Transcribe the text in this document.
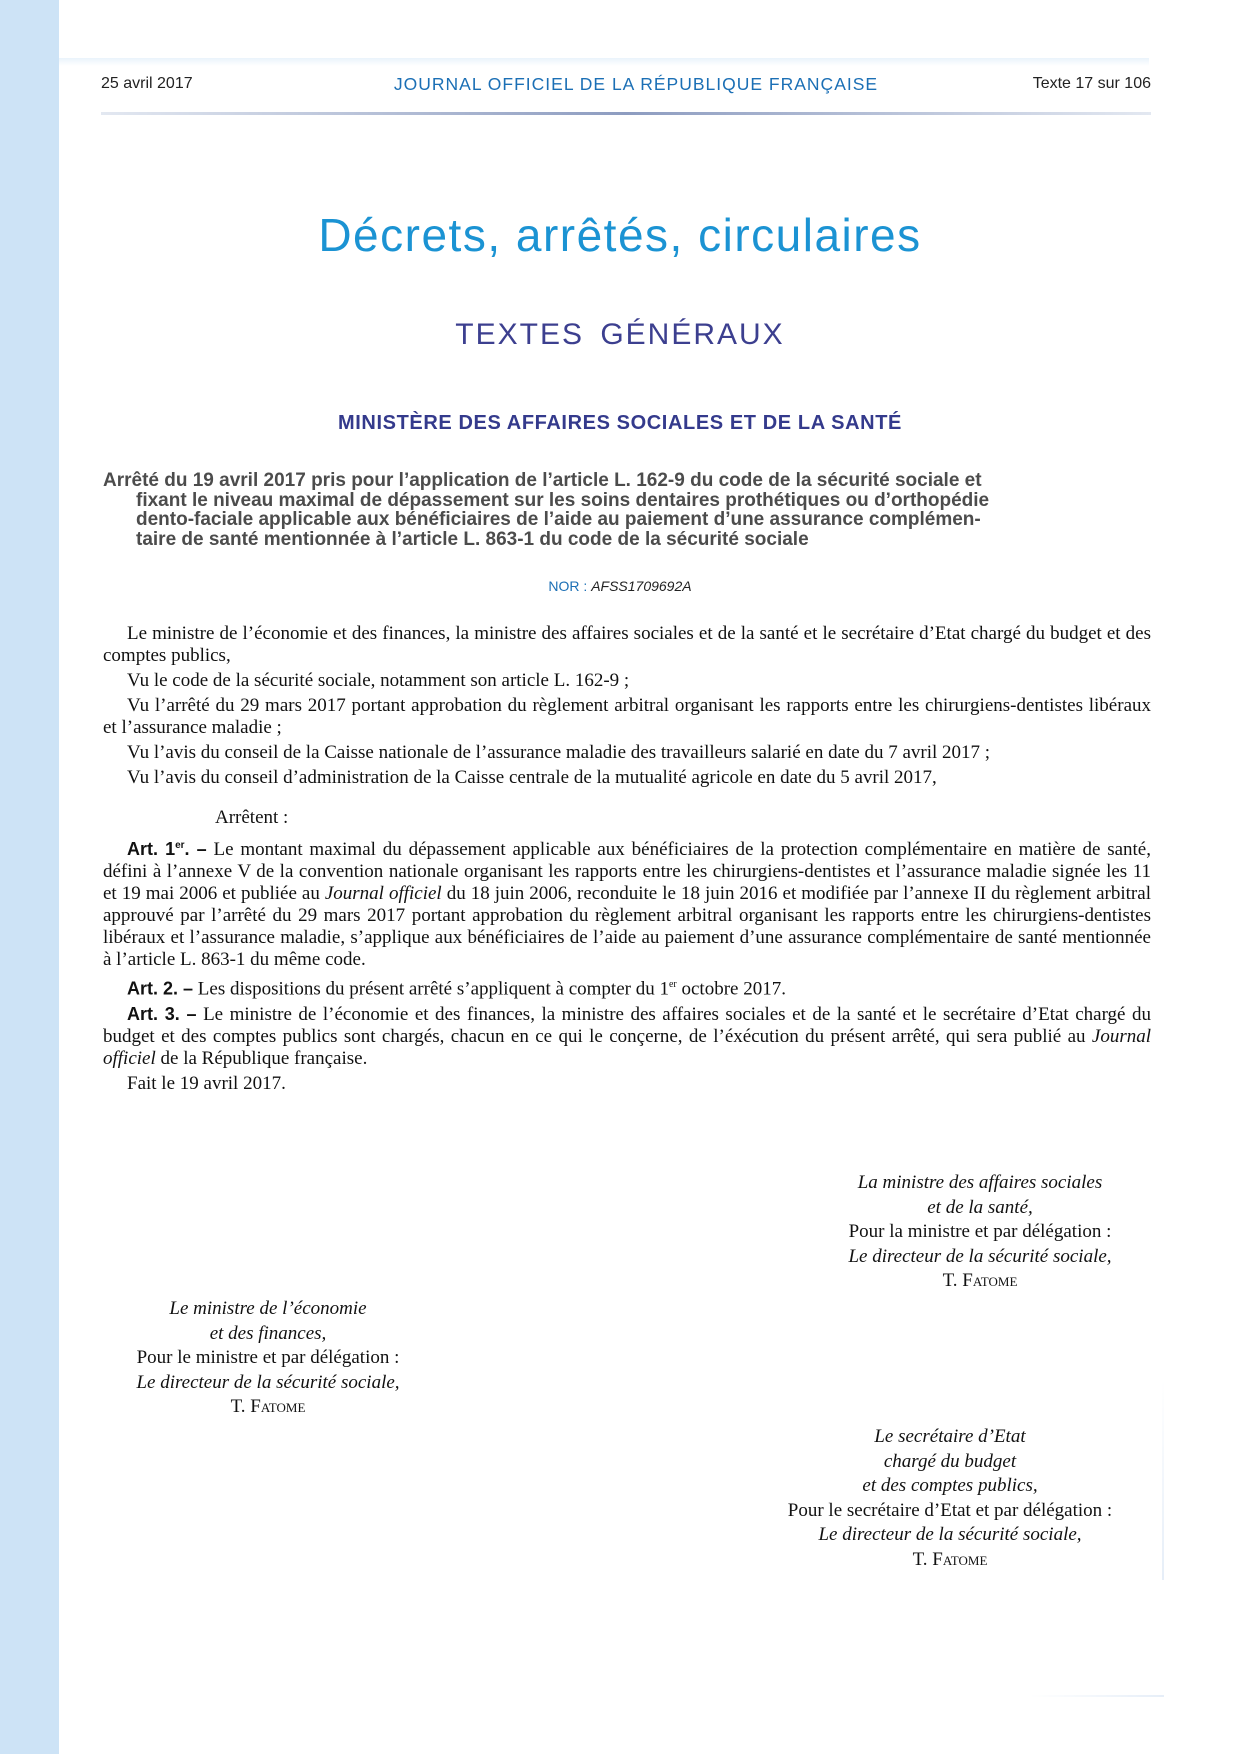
25 avril 2017	JOURNAL OFFICIEL DE LA RÉPUBLIQUE FRANÇAISE	Texte 17 sur 106
Décrets, arrêtés, circulaires
TEXTES GÉNÉRAUX
MINISTÈRE DES AFFAIRES SOCIALES ET DE LA SANTÉ
Arrêté du 19 avril 2017 pris pour l’application de l’article L. 162-9 du code de la sécurité sociale et
fixant le niveau maximal de dépassement sur les soins dentaires prothétiques ou d’orthopédie
dento-faciale applicable aux bénéficiaires de l’aide au paiement d’une assurance complémen-
taire de santé mentionnée à l’article L. 863-1 du code de la sécurité sociale
NOR : AFSS1709692A

Le ministre de l’économie et des finances, la ministre des affaires sociales et de la santé et le secrétaire d’Etat chargé du budget et des comptes publics,

Vu le code de la sécurité sociale, notamment son article L. 162-9 ;

Vu l’arrêté du 29 mars 2017 portant approbation du règlement arbitral organisant les rapports entre les chirurgiens-dentistes libéraux et l’assurance maladie ;

Vu l’avis du conseil de la Caisse nationale de l’assurance maladie des travailleurs salarié en date du 7 avril 2017 ;

Vu l’avis du conseil d’administration de la Caisse centrale de la mutualité agricole en date du 5 avril 2017,

Arrêtent :

Art. 1er. – Le montant maximal du dépassement applicable aux bénéficiaires de la protection complémentaire en matière de santé, défini à l’annexe V de la convention nationale organisant les rapports entre les chirurgiens-dentistes et l’assurance maladie signée les 11 et 19 mai 2006 et publiée au Journal officiel du 18 juin 2006, reconduite le 18 juin 2016 et modifiée par l’annexe II du règlement arbitral approuvé par l’arrêté du 29 mars 2017 portant approbation du règlement arbitral organisant les rapports entre les chirurgiens-dentistes libéraux et l’assurance maladie, s’applique aux bénéficiaires de l’aide au paiement d’une assurance complémentaire de santé mentionnée à l’article L. 863-1 du même code.

Art. 2. – Les dispositions du présent arrêté s’appliquent à compter du 1er octobre 2017.

Art. 3. – Le ministre de l’économie et des finances, la ministre des affaires sociales et de la santé et le secrétaire d’Etat chargé du budget et des comptes publics sont chargés, chacun en ce qui le conçerne, de l’éxécution du présent arrêté, qui sera publié au Journal officiel de la République française.

Fait le 19 avril 2017.

La ministre des affaires sociales
et de la santé,
Pour la ministre et par délégation :
Le directeur de la sécurité sociale,
T. Fatome
Le ministre de l’économie
et des finances,
Pour le ministre et par délégation :
Le directeur de la sécurité sociale,
T. Fatome
Le secrétaire d’Etat
chargé du budget
et des comptes publics,
Pour le secrétaire d’Etat et par délégation :
Le directeur de la sécurité sociale,
T. Fatome
